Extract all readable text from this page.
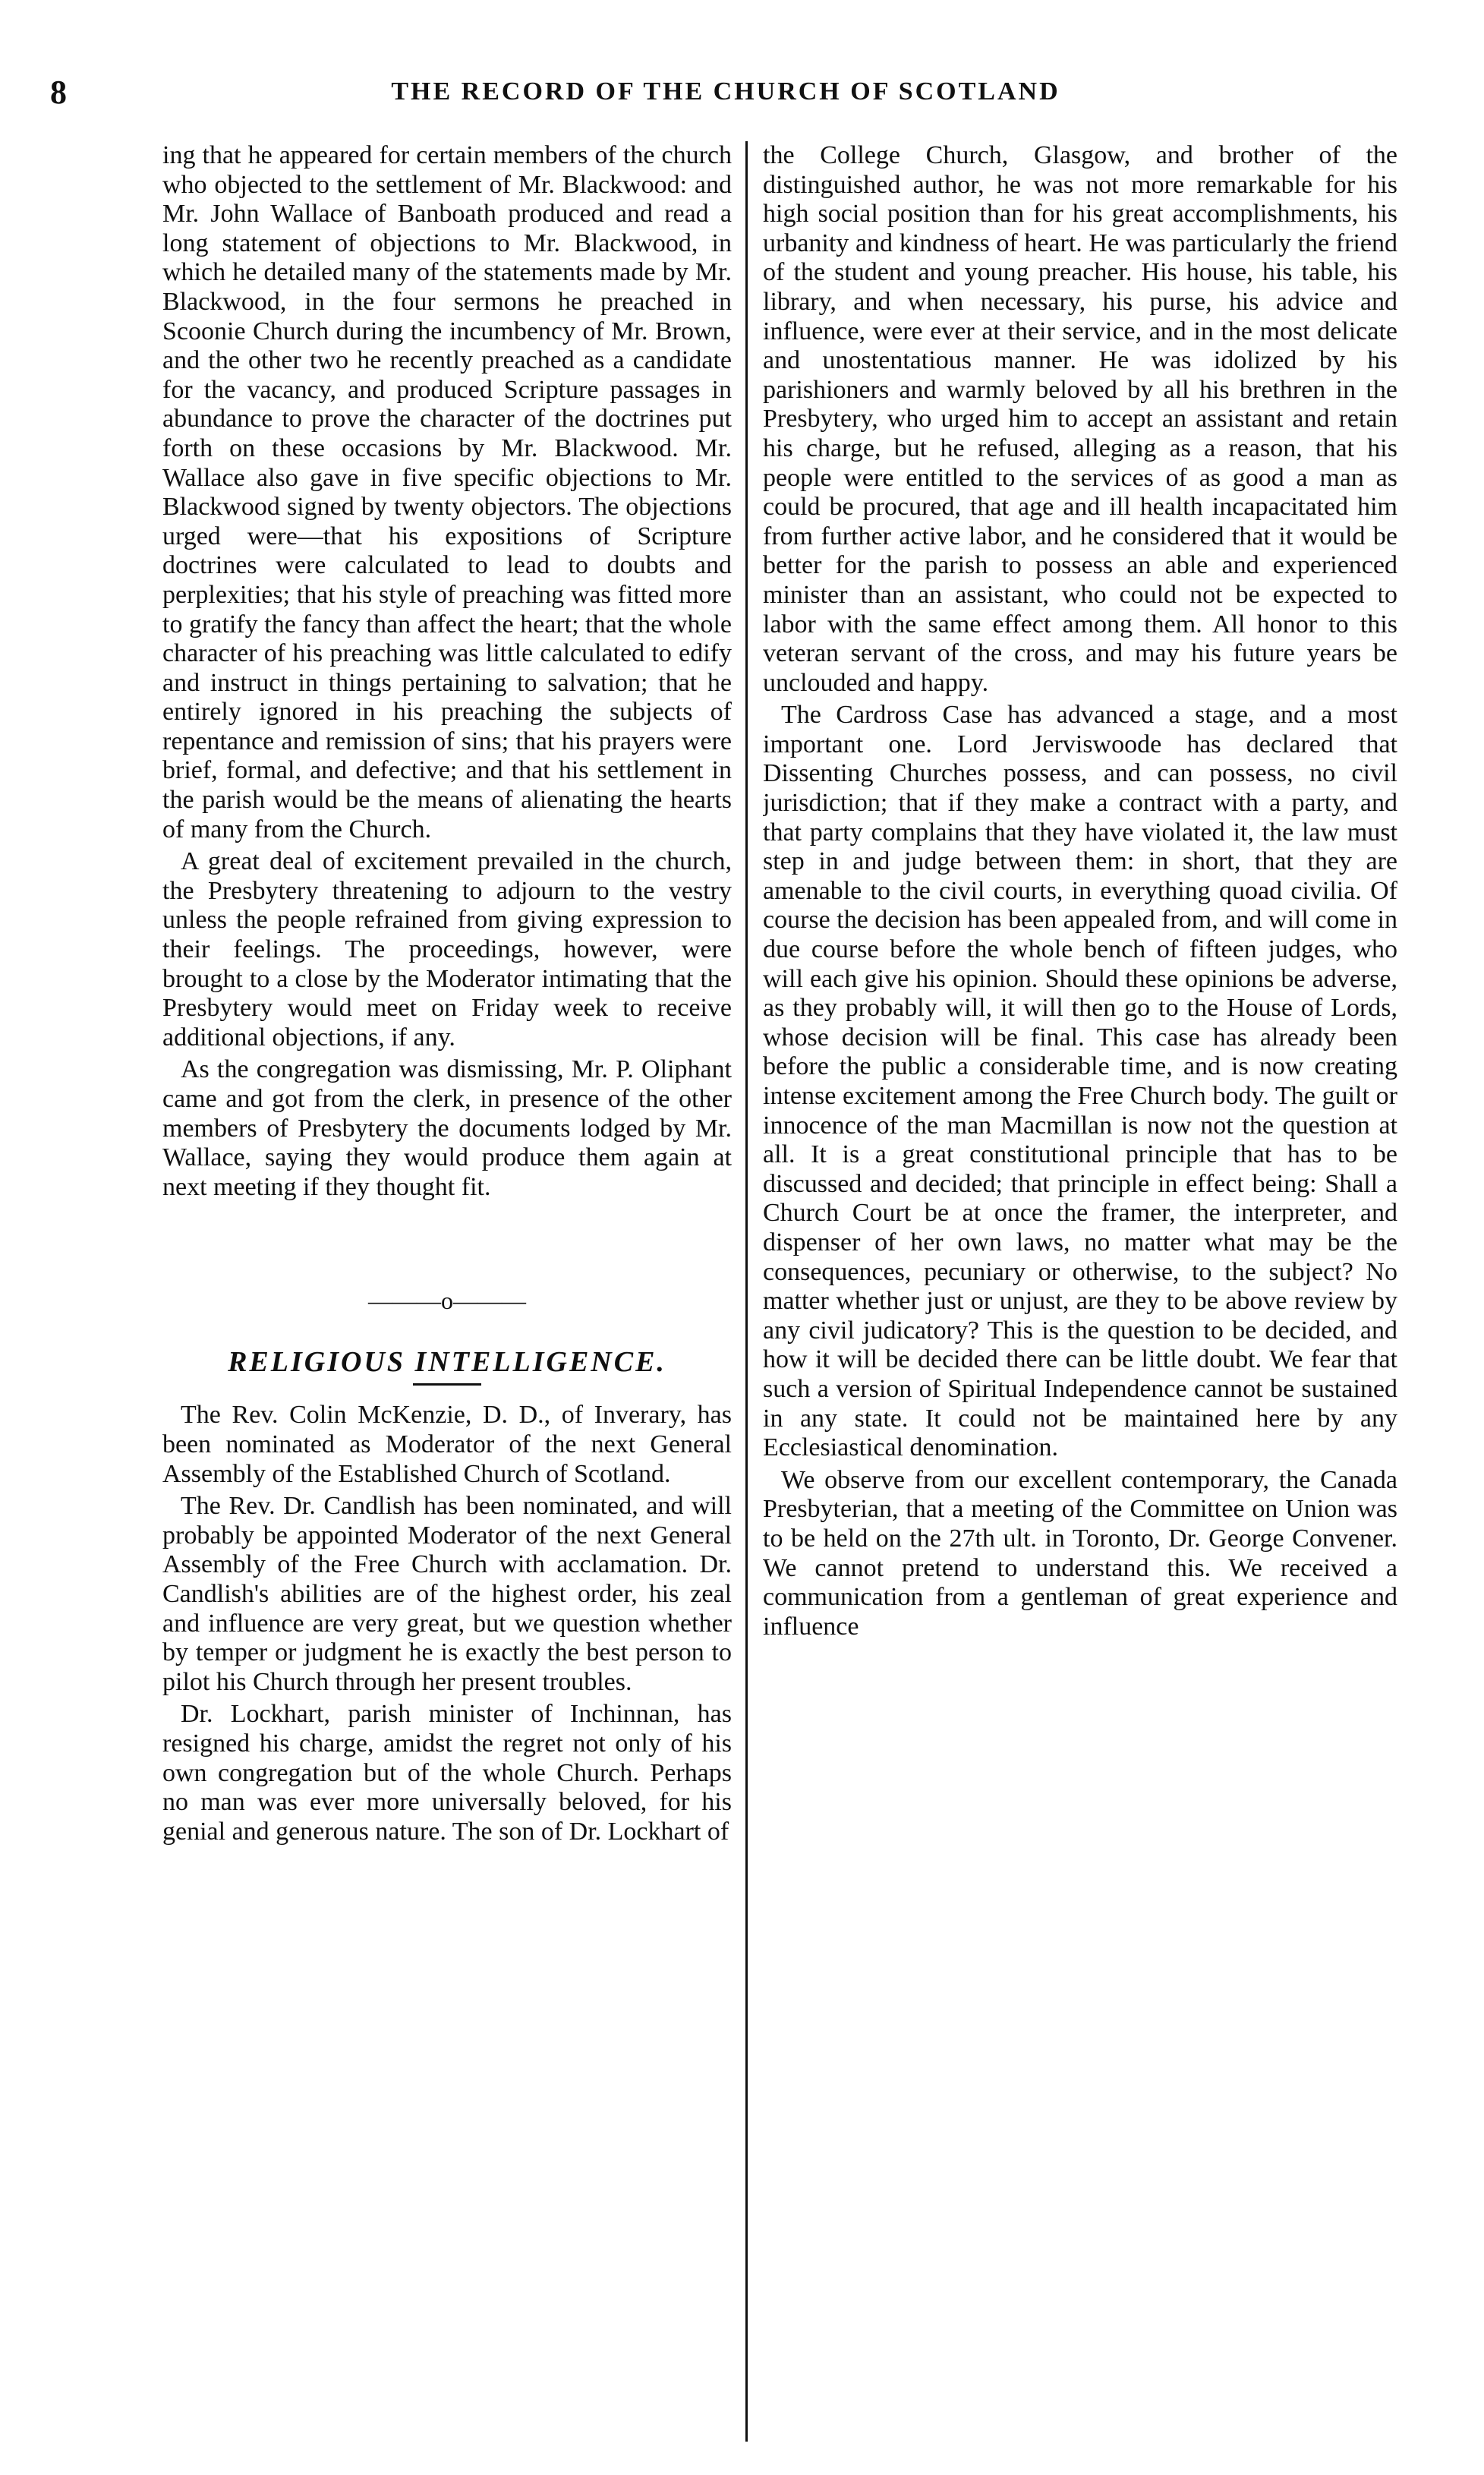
8	THE RECORD OF THE CHURCH OF SCOTLAND

ing that he appeared for certain members of the church who objected to the settlement of Mr. Blackwood: and Mr. John Wallace of Banboath produced and read a long statement of objections to Mr. Blackwood, in which he detailed many of the statements made by Mr. Blackwood, in the four sermons he preached in Scoonie Church during the incumbency of Mr. Brown, and the other two he recently preached as a candidate for the vacancy, and produced Scripture passages in abundance to prove the character of the doctrines put forth on these occasions by Mr. Blackwood. Mr. Wallace also gave in five specific objections to Mr. Blackwood signed by twenty objectors. The objections urged were—that his expositions of Scripture doctrines were calculated to lead to doubts and perplexities; that his style of preaching was fitted more to gratify the fancy than affect the heart; that the whole character of his preaching was little calculated to edify and instruct in things pertaining to salvation; that he entirely ignored in his preaching the subjects of repentance and remission of sins; that his prayers were brief, formal, and defective; and that his settlement in the parish would be the means of alienating the hearts of many from the Church.

A great deal of excitement prevailed in the church, the Presbytery threatening to adjourn to the vestry unless the people refrained from giving expression to their feelings. The proceedings, however, were brought to a close by the Moderator intimating that the Presbytery would meet on Friday week to receive additional objections, if any.

As the congregation was dismissing, Mr. P. Oliphant came and got from the clerk, in presence of the other members of Presbytery the documents lodged by Mr. Wallace, saying they would produce them again at next meeting if they thought fit.

———o———
RELIGIOUS INTELLIGENCE.

The Rev. Colin McKenzie, D. D., of Inverary, has been nominated as Moderator of the next General Assembly of the Established Church of Scotland.

The Rev. Dr. Candlish has been nominated, and will probably be appointed Moderator of the next General Assembly of the Free Church with acclamation. Dr. Candlish's abilities are of the highest order, his zeal and influence are very great, but we question whether by temper or judgment he is exactly the best person to pilot his Church through her present troubles.

Dr. Lockhart, parish minister of Inchinnan, has resigned his charge, amidst the regret not only of his own congregation but of the whole Church. Perhaps no man was ever more universally beloved, for his genial and generous nature. The son of Dr. Lockhart of

the College Church, Glasgow, and brother of the distinguished author, he was not more remarkable for his high social position than for his great accomplishments, his urbanity and kindness of heart. He was particularly the friend of the student and young preacher. His house, his table, his library, and when necessary, his purse, his advice and influence, were ever at their service, and in the most delicate and unostentatious manner. He was idolized by his parishioners and warmly beloved by all his brethren in the Presbytery, who urged him to accept an assistant and retain his charge, but he refused, alleging as a reason, that his people were entitled to the services of as good a man as could be procured, that age and ill health incapacitated him from further active labor, and he considered that it would be better for the parish to possess an able and experienced minister than an assistant, who could not be expected to labor with the same effect among them. All honor to this veteran servant of the cross, and may his future years be unclouded and happy.

The Cardross Case has advanced a stage, and a most important one. Lord Jerviswoode has declared that Dissenting Churches possess, and can possess, no civil jurisdiction; that if they make a contract with a party, and that party complains that they have violated it, the law must step in and judge between them: in short, that they are amenable to the civil courts, in everything quoad civilia. Of course the decision has been appealed from, and will come in due course before the whole bench of fifteen judges, who will each give his opinion. Should these opinions be adverse, as they probably will, it will then go to the House of Lords, whose decision will be final. This case has already been before the public a considerable time, and is now creating intense excitement among the Free Church body. The guilt or innocence of the man Macmillan is now not the question at all. It is a great constitutional principle that has to be discussed and decided; that principle in effect being: Shall a Church Court be at once the framer, the interpreter, and dispenser of her own laws, no matter what may be the consequences, pecuniary or otherwise, to the subject? No matter whether just or unjust, are they to be above review by any civil judicatory? This is the question to be decided, and how it will be decided there can be little doubt. We fear that such a version of Spiritual Independence cannot be sustained in any state. It could not be maintained here by any Ecclesiastical denomination.

We observe from our excellent contemporary, the Canada Presbyterian, that a meeting of the Committee on Union was to be held on the 27th ult. in Toronto, Dr. George Convener. We cannot pretend to understand this. We received a communication from a gentleman of great experience and influence
